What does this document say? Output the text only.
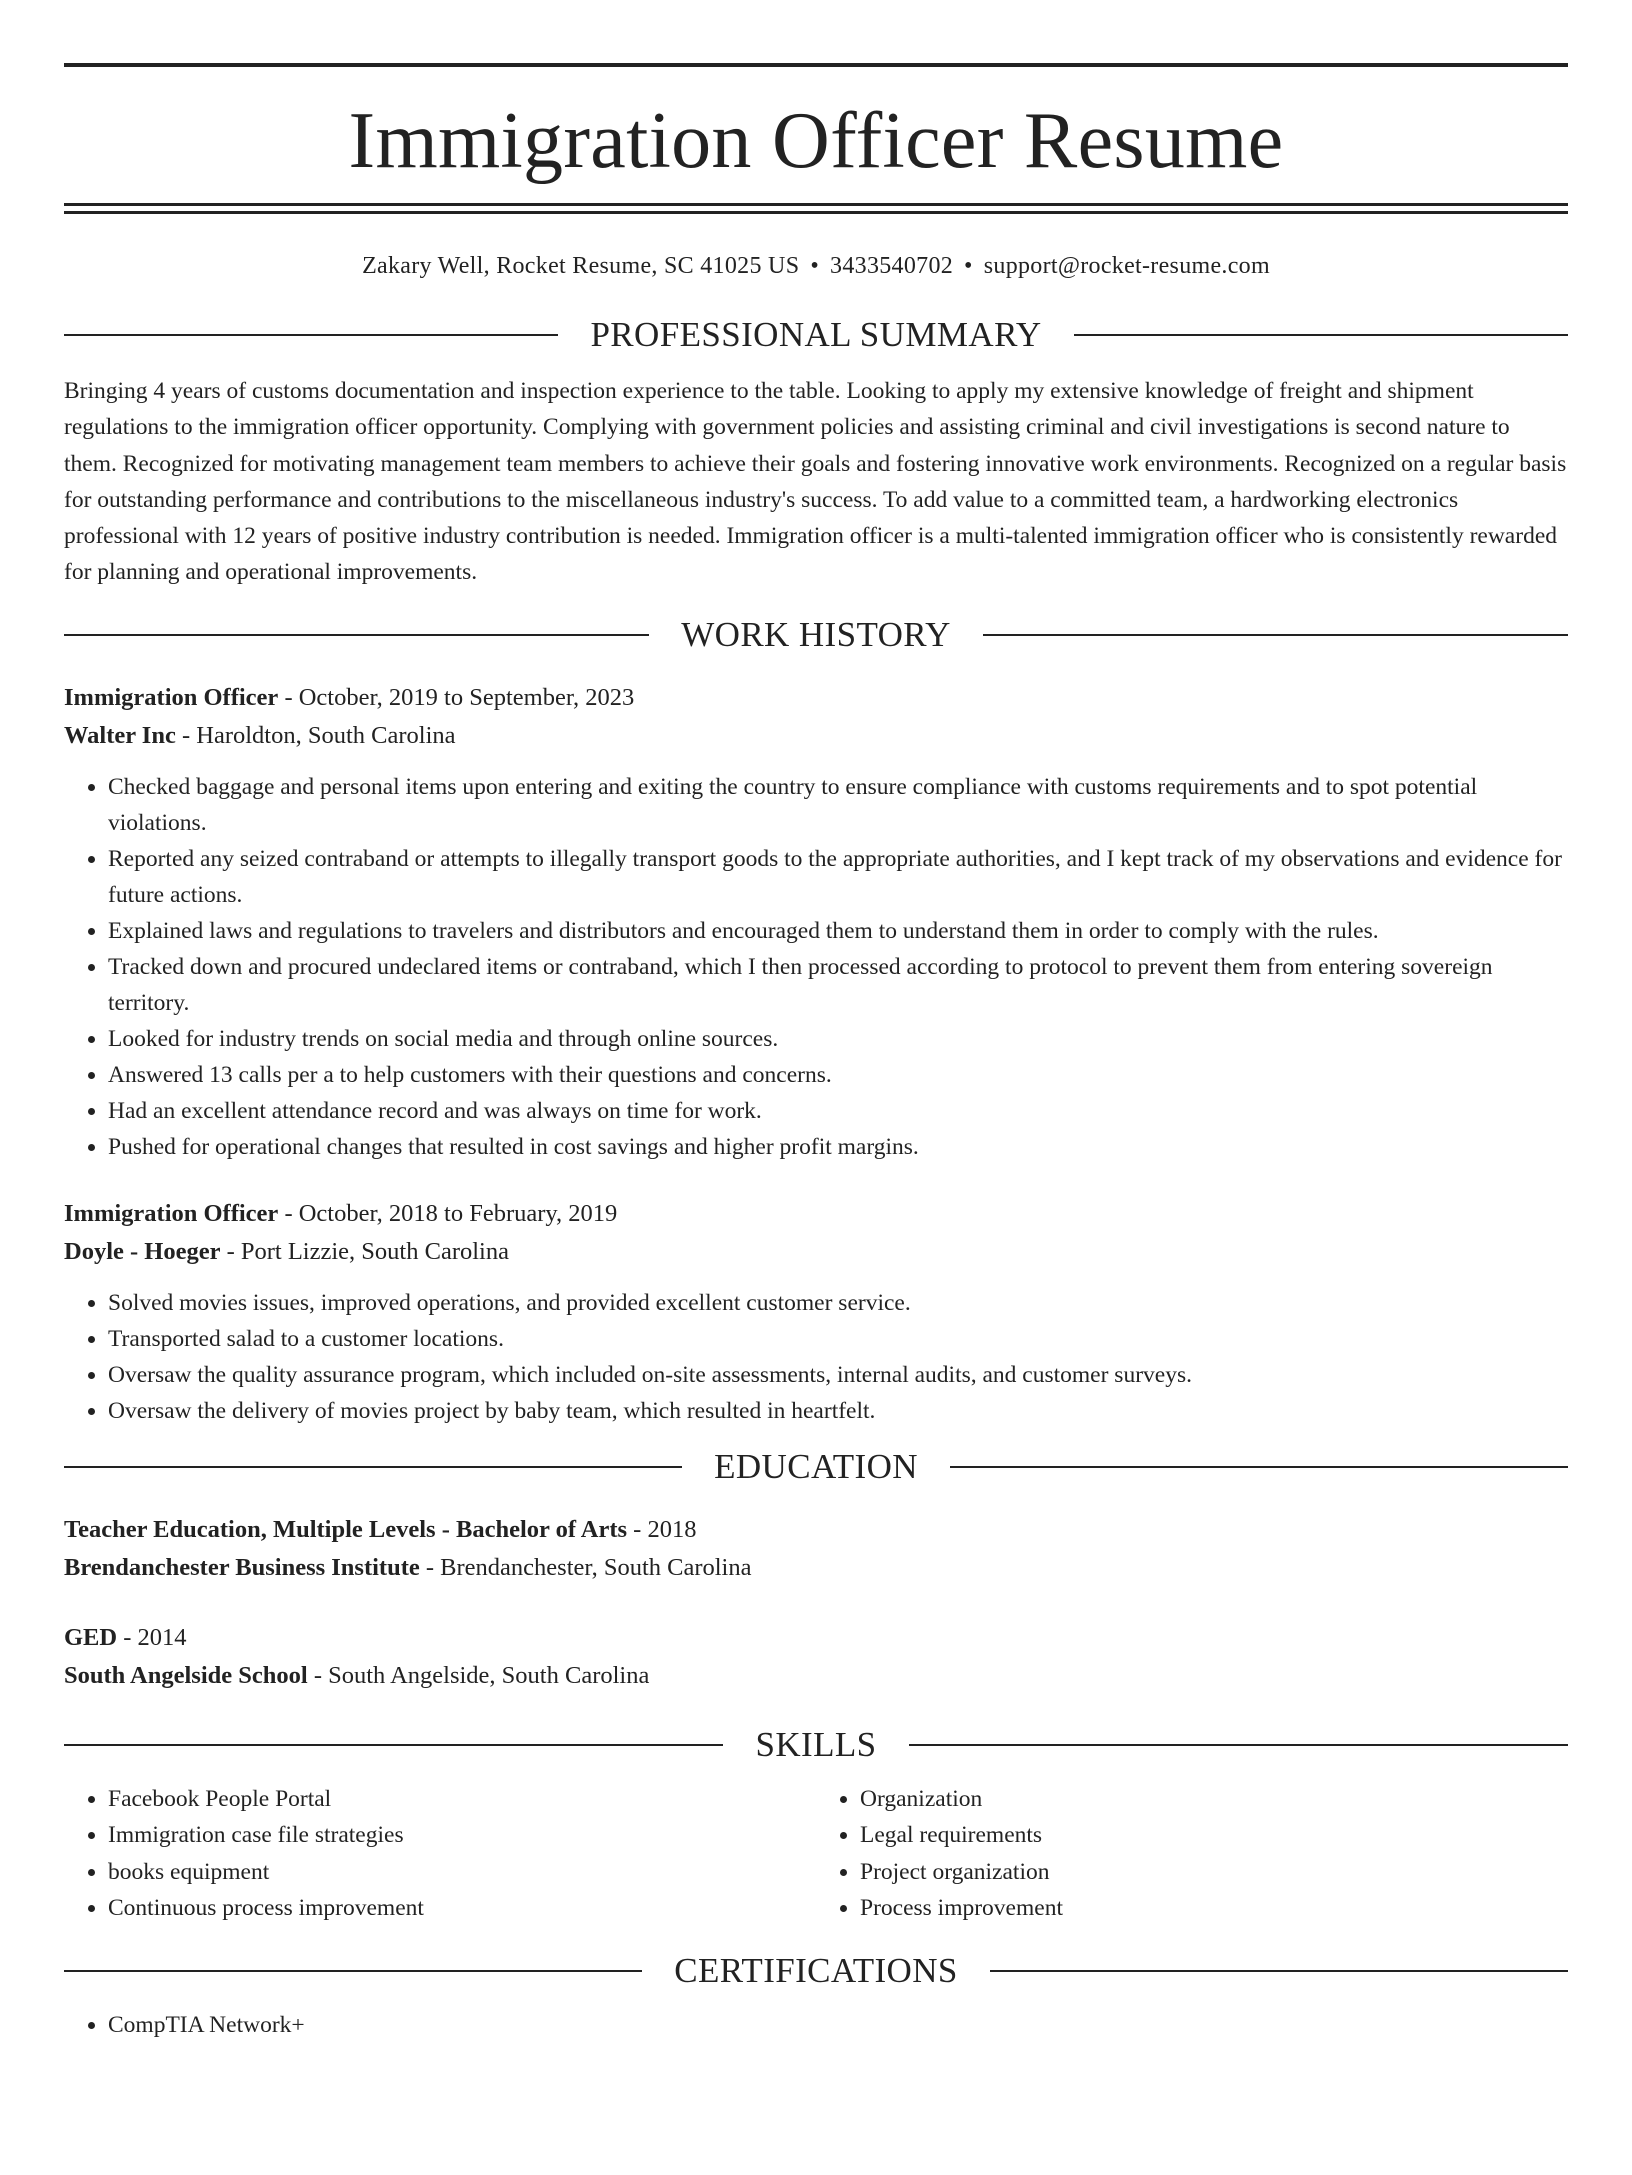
Immigration Officer Resume
Zakary Well, Rocket Resume, SC 41025 US • 3433540702 • support@rocket-resume.com
PROFESSIONAL SUMMARY

Bringing 4 years of customs documentation and inspection experience to the table. Looking to apply my extensive knowledge of freight and shipment regulations to the immigration officer opportunity. Complying with government policies and assisting criminal and civil investigations is second nature to them. Recognized for motivating management team members to achieve their goals and fostering innovative work environments. Recognized on a regular basis for outstanding performance and contributions to the miscellaneous industry's success. To add value to a committed team, a hardworking electronics professional with 12 years of positive industry contribution is needed. Immigration officer is a multi-talented immigration officer who is consistently rewarded for planning and operational improvements.

WORK HISTORY
Immigration Officer - October, 2019 to September, 2023
Walter Inc - Haroldton, South Carolina
• Checked baggage and personal items upon entering and exiting the country to ensure compliance with customs requirements and to spot potential violations.
• Reported any seized contraband or attempts to illegally transport goods to the appropriate authorities, and I kept track of my observations and evidence for future actions.
• Explained laws and regulations to travelers and distributors and encouraged them to understand them in order to comply with the rules.
• Tracked down and procured undeclared items or contraband, which I then processed according to protocol to prevent them from entering sovereign territory.
• Looked for industry trends on social media and through online sources.
• Answered 13 calls per a to help customers with their questions and concerns.
• Had an excellent attendance record and was always on time for work.
• Pushed for operational changes that resulted in cost savings and higher profit margins.
Immigration Officer - October, 2018 to February, 2019
Doyle - Hoeger - Port Lizzie, South Carolina
• Solved movies issues, improved operations, and provided excellent customer service.
• Transported salad to a customer locations.
• Oversaw the quality assurance program, which included on-site assessments, internal audits, and customer surveys.
• Oversaw the delivery of movies project by baby team, which resulted in heartfelt.
EDUCATION
Teacher Education, Multiple Levels - Bachelor of Arts - 2018
Brendanchester Business Institute - Brendanchester, South Carolina
GED - 2014
South Angelside School - South Angelside, South Carolina
SKILLS
• Facebook People Portal
• Immigration case file strategies
• books equipment
• Continuous process improvement
• Organization
• Legal requirements
• Project organization
• Process improvement
CERTIFICATIONS
• CompTIA Network+
